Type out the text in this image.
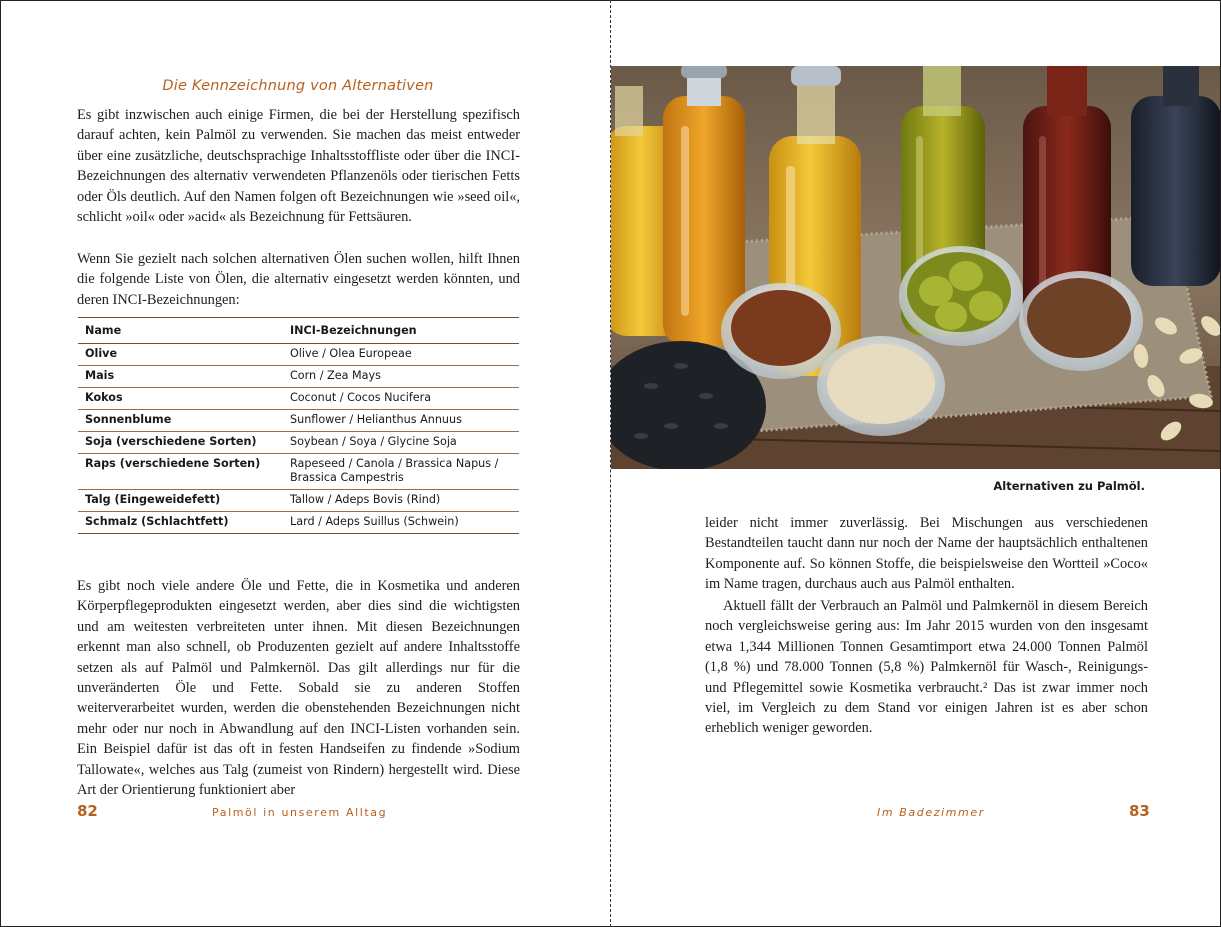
Die Kennzeichnung von Alternativen

Es gibt inzwischen auch einige Firmen, die bei der Herstellung spezifisch darauf achten, kein Palmöl zu verwenden. Sie machen das meist entweder über eine zusätzliche, deutschsprachige Inhaltsstoffliste oder über die INCI-Bezeichnungen des alternativ verwendeten Pflanzenöls oder tierischen Fetts oder Öls deutlich. Auf den Namen folgen oft Bezeichnungen wie »seed oil«, schlicht »oil« oder »acid« als Bezeichnung für Fettsäuren.

Wenn Sie gezielt nach solchen alternativen Ölen suchen wollen, hilft Ihnen die folgende Liste von Ölen, die alternativ eingesetzt werden könnten, und deren INCI-Bezeichnungen:

Name	INCI-Bezeichnungen
Olive	Olive / Olea Europeae
Mais	Corn / Zea Mays
Kokos	Coconut / Cocos Nucifera
Sonnenblume	Sunflower / Helianthus Annuus
Soja (verschiedene Sorten)	Soybean / Soya / Glycine Soja
Raps (verschiedene Sorten)	Rapeseed / Canola / Brassica Napus / Brassica Campestris
Talg (Eingeweidefett)	Tallow / Adeps Bovis (Rind)
Schmalz (Schlachtfett)	Lard / Adeps Suillus (Schwein)

Es gibt noch viele andere Öle und Fette, die in Kosmetika und anderen Körperpflegeprodukten eingesetzt werden, aber dies sind die wichtigsten und am weitesten verbreiteten unter ihnen. Mit diesen Bezeichnungen erkennt man also schnell, ob Produzenten gezielt auf andere Inhaltsstoffe setzen als auf Palmöl und Palmkernöl. Das gilt allerdings nur für die unveränderten Öle und Fette. Sobald sie zu anderen Stoffen weiterverarbeitet wurden, werden die obenstehenden Bezeichnungen nicht mehr oder nur noch in Abwandlung auf den INCI-Listen vorhanden sein. Ein Beispiel dafür ist das oft in festen Handseifen zu findende »Sodium Tallowate«, welches aus Talg (zumeist von Rindern) hergestellt wird. Diese Art der Orientierung funktioniert aber

82	Palmöl in unserem Alltag
Alternativen zu Palmöl.

leider nicht immer zuverlässig. Bei Mischungen aus verschiedenen Bestandteilen taucht dann nur noch der Name der hauptsächlich enthaltenen Komponente auf. So können Stoffe, die beispielsweise den Wortteil »Coco« im Name tragen, durchaus auch aus Palmöl enthalten.

Aktuell fällt der Verbrauch an Palmöl und Palmkernöl in diesem Bereich noch vergleichsweise gering aus: Im Jahr 2015 wurden von den insgesamt etwa 1,344 Millionen Tonnen Gesamtimport etwa 24.000 Tonnen Palmöl (1,8 %) und 78.000 Tonnen (5,8 %) Palmkernöl für Wasch-, Reinigungs- und Pflegemittel sowie Kosmetika verbraucht.² Das ist zwar immer noch viel, im Vergleich zu dem Stand vor einigen Jahren ist es aber schon erheblich weniger geworden.

Im Badezimmer	83
